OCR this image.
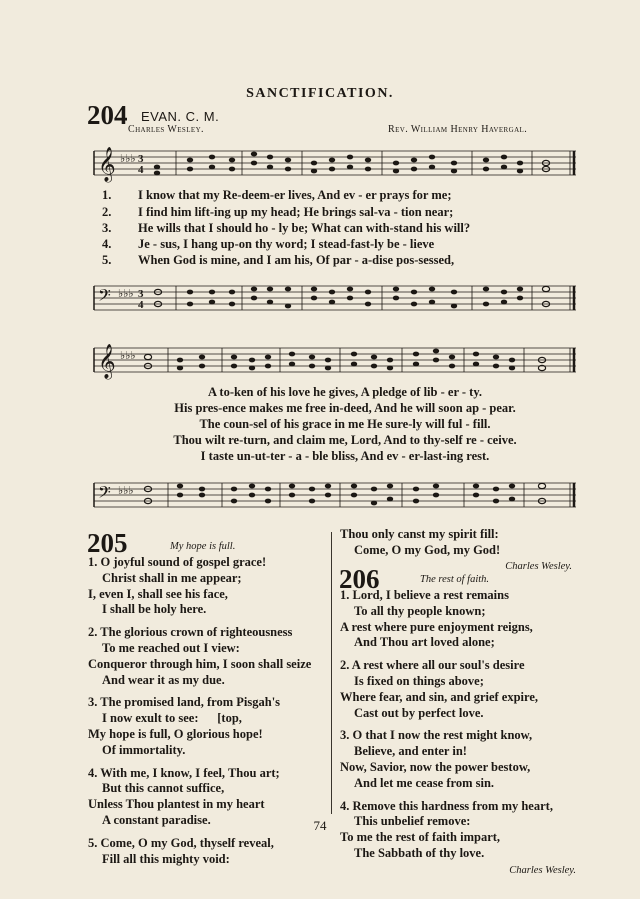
SANCTIFICATION.
204 EVAN. C. M.
Charles Wesley.	Rev. William Henry Havergal.
𝄞 ♭♭♭ 3
4
1. I know that my Re-deem-er lives, And ev - er prays for me;
2. I find him lift-ing up my head; He brings sal-va - tion near;
3. He wills that I should ho - ly be; What can with-stand his will?
4. Je - sus, I hang up-on thy word; I stead-fast-ly be - lieve
5. When God is mine, and I am his, Of par - a-dise pos-sessed,
𝄢 ♭♭♭ 3
4
𝄞 ♭♭♭
A to-ken of his love he gives, A pledge of lib - er - ty.
His pres-ence makes me free in-deed, And he will soon ap - pear.
The coun-sel of his grace in me He sure-ly will ful - fill.
Thou wilt re-turn, and claim me, Lord, And to thy-self re - ceive.
I taste un-ut-ter - a - ble bliss, And ev - er-last-ing rest.
𝄢 ♭♭♭
205	My hope is full.
1. O joyful sound of gospel grace!
Christ shall in me appear;
I, even I, shall see his face,
I shall be holy here.
2. The glorious crown of righteousness
To me reached out I view:
Conqueror through him, I soon shall seize
And wear it as my due.
3. The promised land, from Pisgah's
I now exult to see:      [top,
My hope is full, O glorious hope!
Of immortality.
4. With me, I know, I feel, Thou art;
But this cannot suffice,
Unless Thou plantest in my heart
A constant paradise.
5. Come, O my God, thyself reveal,
Fill all this mighty void:
Thou only canst my spirit fill:
Come, O my God, my God!
Charles Wesley.
206	The rest of faith.
1. Lord, I believe a rest remains
To all thy people known;
A rest where pure enjoyment reigns,
And Thou art loved alone;
2. A rest where all our soul's desire
Is fixed on things above;
Where fear, and sin, and grief expire,
Cast out by perfect love.
3. O that I now the rest might know,
Believe, and enter in!
Now, Savior, now the power bestow,
And let me cease from sin.
4. Remove this hardness from my heart,
This unbelief remove:
To me the rest of faith impart,
The Sabbath of thy love.
Charles Wesley.
74
